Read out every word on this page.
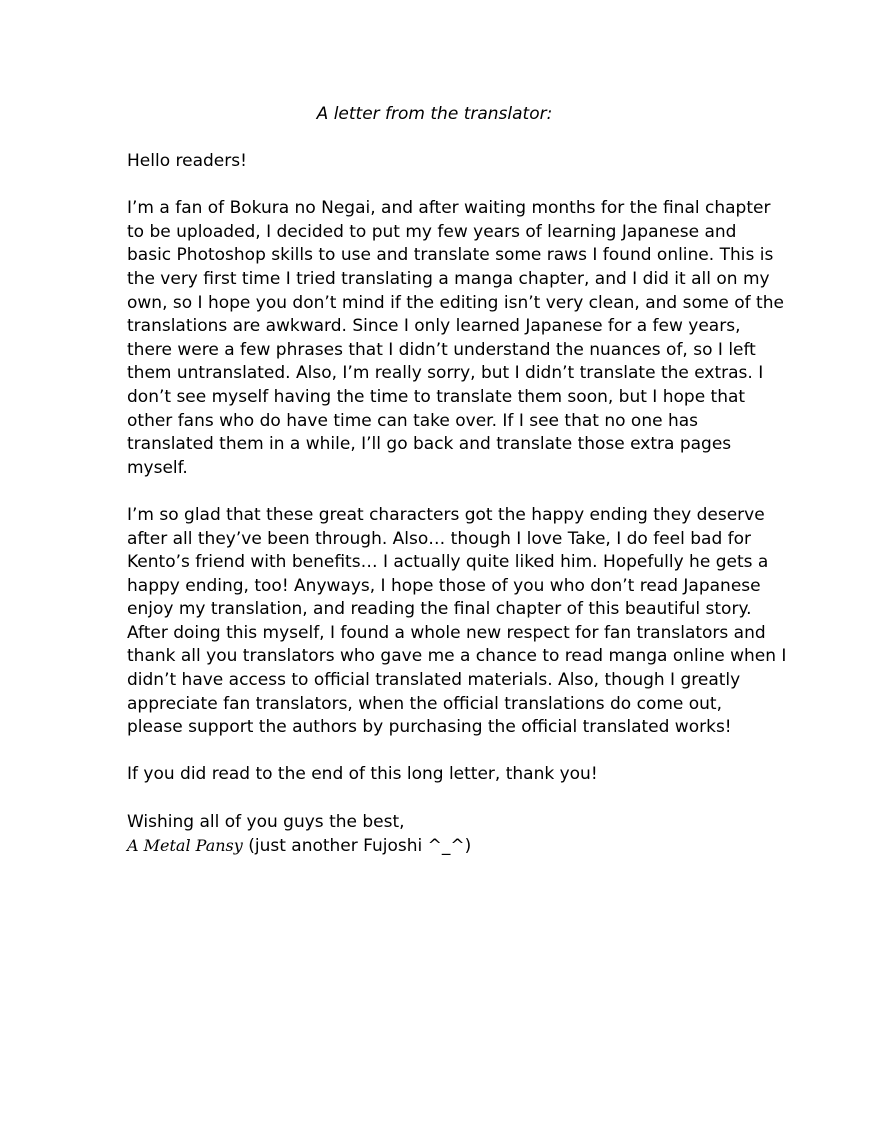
A letter from the translator:

Hello readers!

I’m a fan of Bokura no Negai, and after waiting months for the final chapter
to be uploaded, I decided to put my few years of learning Japanese and
basic Photoshop skills to use and translate some raws I found online. This is
the very first time I tried translating a manga chapter, and I did it all on my
own, so I hope you don’t mind if the editing isn’t very clean, and some of the
translations are awkward. Since I only learned Japanese for a few years,
there were a few phrases that I didn’t understand the nuances of, so I left
them untranslated. Also, I’m really sorry, but I didn’t translate the extras. I
don’t see myself having the time to translate them soon, but I hope that
other fans who do have time can take over. If I see that no one has
translated them in a while, I’ll go back and translate those extra pages
myself.

I’m so glad that these great characters got the happy ending they deserve
after all they’ve been through. Also… though I love Take, I do feel bad for
Kento’s friend with benefits… I actually quite liked him. Hopefully he gets a
happy ending, too! Anyways, I hope those of you who don’t read Japanese
enjoy my translation, and reading the final chapter of this beautiful story.
After doing this myself, I found a whole new respect for fan translators and
thank all you translators who gave me a chance to read manga online when I
didn’t have access to official translated materials. Also, though I greatly
appreciate fan translators, when the official translations do come out,
please support the authors by purchasing the official translated works!

If you did read to the end of this long letter, thank you!

Wishing all of you guys the best,

A Metal Pansy (just another Fujoshi ^_^)
